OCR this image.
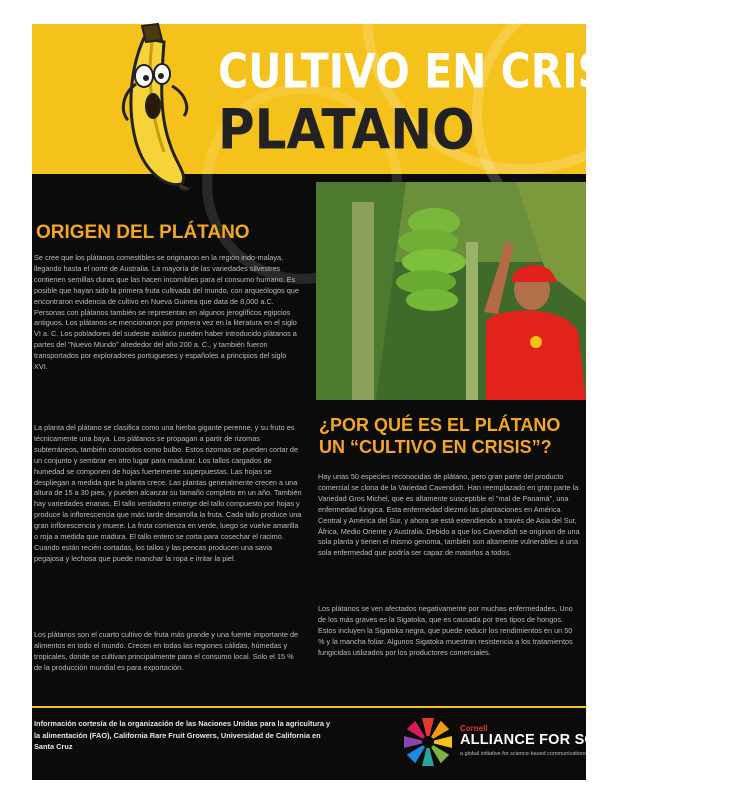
CULTIVO EN CRISIS:
PLATANO
ORIGEN DEL PLÁTANO

Se cree que los plátanos comestibles se originaron en la región indo-malaya, llegando hasta el norte de Australia. La mayoría de las variedades silvestres contienen semillas duras que las hacen incomibles para el consumo humano. Es posible que hayan sido la primera fruta cultivada del mundo, con arqueólogos que encontraron evidencia de cultivo en Nueva Guinea que data de 8,000 a.C. Personas con plátanos también se representan en algunos jeroglíficos egipcios antiguos. Los plátanos se mencionaron por primera vez en la literatura en el siglo VI a. C. Los pobladores del sudeste asiático pueden haber introducido plátanos a partes del "Nuevo Mundo" alrededor del año 200 a. C., y también fueron transportados por exploradores portugueses y españoles a principios del siglo XVI.

La planta del plátano se clasifica como una hierba gigante perenne, y su fruto es técnicamente una baya. Los plátanos se propagan a partir de rizomas subterráneos, también conocidos como bulbo. Estos rizomas se pueden cortar de un conjunto y sembrar en otro lugar para madurar. Los tallos cargados de humedad se componen de hojas fuertemente superpuestas. Las hojas se despliegan a medida que la planta crece. Las plantas generalmente crecen a una altura de 15 a 30 pies, y pueden alcanzar su tamaño completo en un año. También hay variedades enanas. El tallo verdadero emerge del tallo compuesto por hojas y produce la inflorescencia que más tarde desarrolla la fruta. Cada tallo produce una gran inflorescencia y muere. La fruta comienza en verde, luego se vuelve amarilla o roja a medida que madura. El tallo entero se corta para cosechar el racimo. Cuando están recién cortadas, los tallos y las pencas producen una savia pegajosa y lechosa que puede manchar la ropa e irritar la piel.

Los plátanos son el cuarto cultivo de fruta más grande y una fuente importante de alimentos en todo el mundo. Crecen en todas las regiones cálidas, húmedas y tropicales, donde se cultivan principalmente para el consumo local. Solo el 15 % de la producción mundial es para exportación.

¿POR QUÉ ES EL PLÁTANO
UN “CULTIVO EN CRISIS”?

Hay unas 50 especies reconocidas de plátano, pero gran parte del producto comercial se clona de la Variedad Cavendish. Han reemplazado en gran parte la Variedad Gros Michel, que es altamente susceptible el "mal de Panamá", una enfermedad fúngica. Esta enfermedad diezmó las plantaciones en América Central y América del Sur, y ahora se está extendiendo a través de Asia del Sur, África, Medio Oriente y Australia. Debido a que los Cavendish se originan de una sola planta y tienen el mismo genoma, también son altamente vulnerables a una sola enfermedad que podría ser capaz de matarlos a todos.

Los plátanos se ven afectados negativamente por muchas enfermedades. Uno de los más graves es la Sigatoka, que es causada por tres tipos de hongos. Estos incluyen la Sigatoka negra, que puede reducir los rendimientos en un 50 % y la mancha foliar. Algunos Sigatoka muestran resistencia a los tratamientos fungicidas utilizados por los productores comerciales.

Información cortesía de la organización de las Naciones Unidas para la agricultura y la alimentación (FAO), California Rare Fruit Growers, Universidad de California en Santa Cruz

Cornell
ALLIANCE FOR SCIENCE
a global initiative for science-based communications
